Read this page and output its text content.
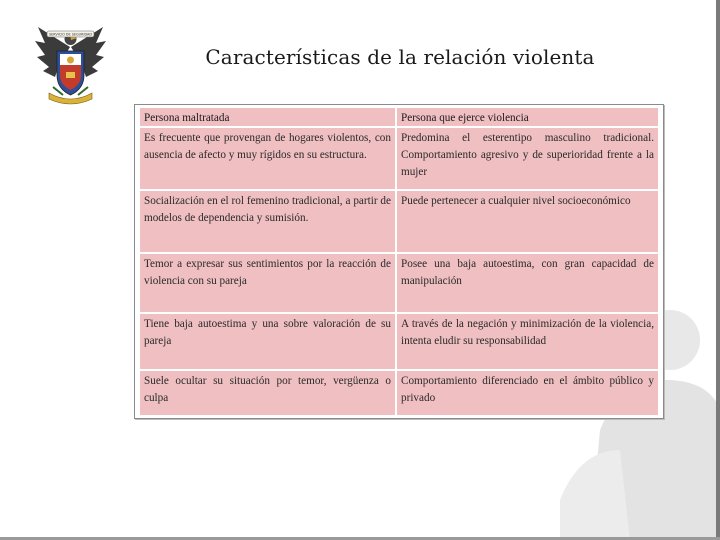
SERVICIO DE SEGURIDAD
Características de la relación violenta
Persona maltratada	Persona que ejerce violencia
Es frecuente que provengan de hogares violentos, con ausencia de afecto y muy rígidos en su estructura.
Predomina el esterentipo masculino tradicional. Comportamiento agresivo y de superioridad frente a la mujer
Socialización en el rol femenino tradicional, a partir de modelos de dependencia y sumisión.
Puede pertenecer a cualquier nivel socioeconómico
Temor a expresar sus sentimientos por la reacción de violencia con su pareja
Posee una baja autoestima, con gran capacidad de manipulación
Tiene baja autoestima y una sobre valoración de su pareja
A través de la negación y minimización de la violencia, intenta eludir su responsabilidad
Suele ocultar su situación por temor, vergüenza o culpa
Comportamiento diferenciado en el ámbito público y privado
